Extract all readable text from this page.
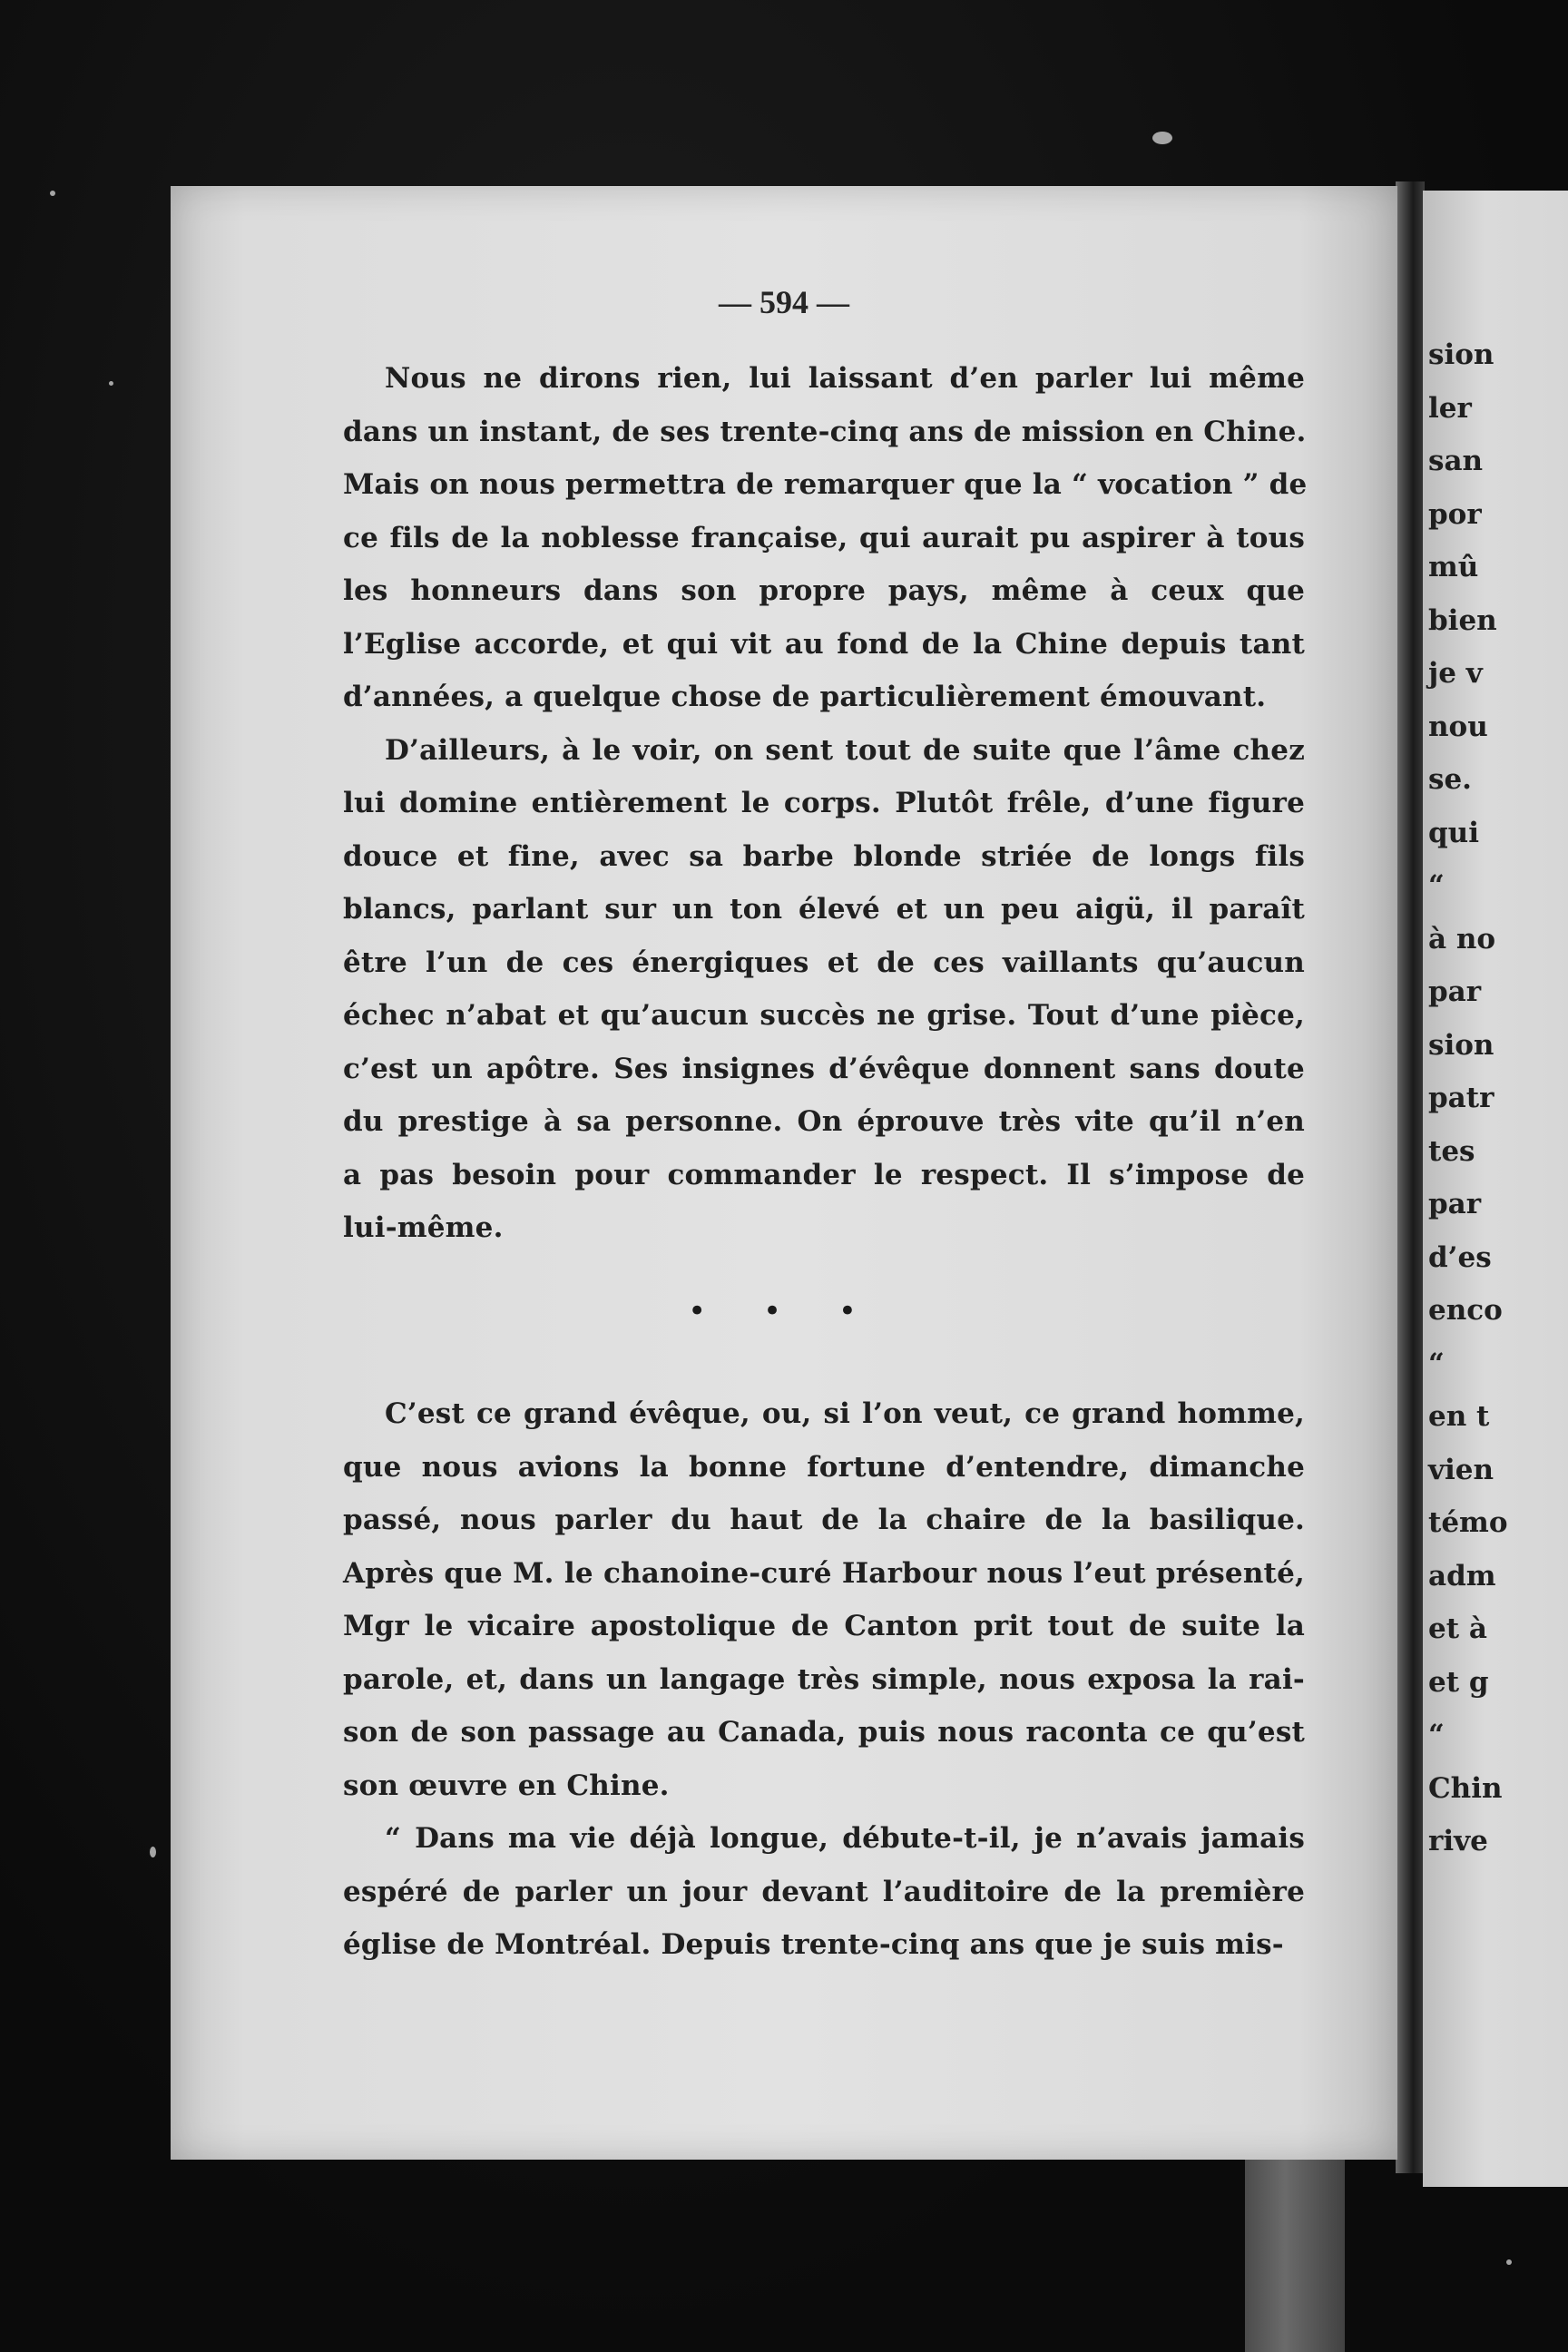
sion
ler
san
por
mû
bien
je v
nou
se.
qui
“
à no
par
sion
patr
tes
par
d’es
enco
“
en t
vien
témo
adm
et à
et g
“
Chin
rive
— 594 —

Nous ne dirons rien, lui laissant d’en parler lui même
dans un instant, de ses trente-cinq ans de mission en Chine.
Mais on nous permettra de remarquer que la “ vocation ” de
ce fils de la noblesse française, qui aurait pu aspirer à tous
les honneurs dans son propre pays, même à ceux que
l’Eglise accorde, et qui vit au fond de la Chine depuis tant
d’années, a quelque chose de particulièrement émouvant.

D’ailleurs, à le voir, on sent tout de suite que l’âme chez
lui domine entièrement le corps. Plutôt frêle, d’une figure
douce et fine, avec sa barbe blonde striée de longs fils
blancs, parlant sur un ton élevé et un peu aigü, il paraît
être l’un de ces énergiques et de ces vaillants qu’aucun
échec n’abat et qu’aucun succès ne grise. Tout d’une pièce,
c’est un apôtre. Ses insignes d’évêque donnent sans doute
du prestige à sa personne. On éprouve très vite qu’il n’en
a pas besoin pour commander le respect. Il s’impose de
lui-même.

• • •

C’est ce grand évêque, ou, si l’on veut, ce grand homme,
que nous avions la bonne fortune d’entendre, dimanche
passé, nous parler du haut de la chaire de la basilique.
Après que M. le chanoine-curé Harbour nous l’eut présenté,
Mgr le vicaire apostolique de Canton prit tout de suite la
parole, et, dans un langage très simple, nous exposa la rai-
son de son passage au Canada, puis nous raconta ce qu’est
son œuvre en Chine.

“ Dans ma vie déjà longue, débute-t-il, je n’avais jamais
espéré de parler un jour devant l’auditoire de la première
église de Montréal. Depuis trente-cinq ans que je suis mis-
